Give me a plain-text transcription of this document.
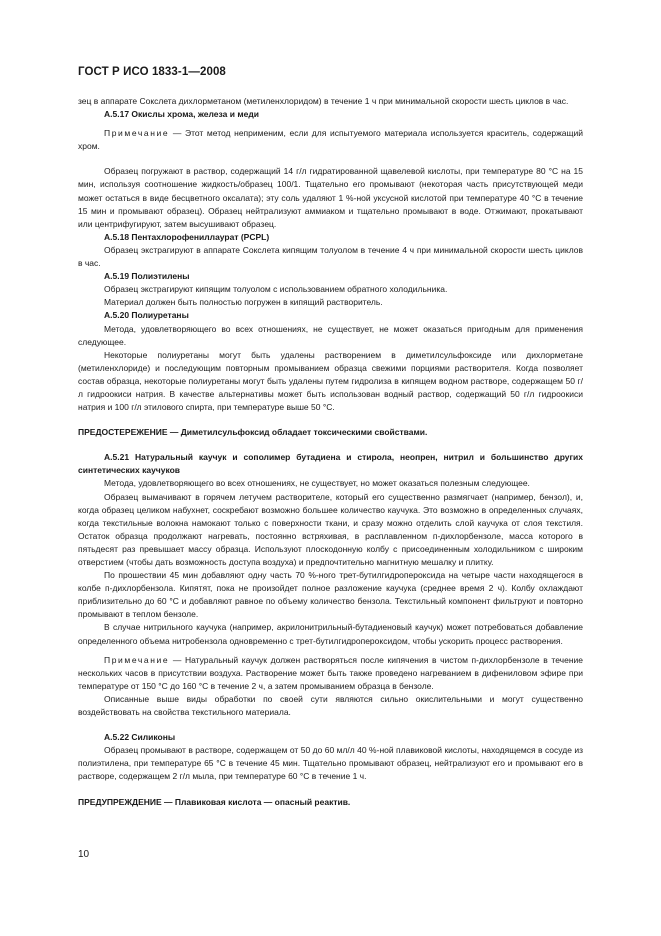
ГОСТ Р ИСО 1833-1—2008

зец в аппарате Сокслета дихлорметаном (метиленхлоридом) в течение 1 ч при минимальной скорости шесть циклов в час.

А.5.17 Окислы хрома, железа и меди

Примечание — Этот метод неприменим, если для испытуемого материала используется краситель, содержащий хром.

Образец погружают в раствор, содержащий 14 г/л гидратированной щавелевой кислоты, при температуре 80 °С на 15 мин, используя соотношение жидкость/образец 100/1. Тщательно его промывают (некоторая часть присутствующей меди может остаться в виде бесцветного оксалата); эту соль удаляют 1 %-ной уксусной кислотой при температуре 40 °С в течение 15 мин и промывают образец). Образец нейтрализуют аммиаком и тщательно промывают в воде. Отжимают, прокатывают или центрифугируют, затем высушивают образец.

А.5.18 Пентахлорофениллаурат (PCPL)

Образец экстрагируют в аппарате Сокслета кипящим толуолом в течение 4 ч при минимальной скорости шесть циклов в час.

А.5.19 Полиэтилены

Образец экстрагируют кипящим толуолом с использованием обратного холодильника.

Материал должен быть полностью погружен в кипящий растворитель.

А.5.20 Полиуретаны

Метода, удовлетворяющего во всех отношениях, не существует, не может оказаться пригодным для применения следующее.

Некоторые полиуретаны могут быть удалены растворением в диметилсульфоксиде или дихлорметане (метиленхлориде) и последующим повторным промыванием образца свежими порциями растворителя. Когда позволяет состав образца, некоторые полиуретаны могут быть удалены путем гидролиза в кипящем водном растворе, содержащем 50 г/л гидроокиси натрия. В качестве альтернативы может быть использован водный раствор, содержащий 50 г/л гидроокиси натрия и 100 г/л этилового спирта, при температуре выше 50 °С.

ПРЕДОСТЕРЕЖЕНИЕ — Диметилсульфоксид обладает токсическими свойствами.

А.5.21 Натуральный каучук и сополимер бутадиена и стирола, неопрен, нитрил и большинство других синтетических каучуков

Метода, удовлетворяющего во всех отношениях, не существует, но может оказаться полезным следующее.

Образец вымачивают в горячем летучем растворителе, который его существенно размягчает (например, бензол), и, когда образец целиком набухнет, соскребают возможно большее количество каучука. Это возможно в определенных случаях, когда текстильные волокна намокают только с поверхности ткани, и сразу можно отделить слой каучука от слоя текстиля. Остаток образца продолжают нагревать, постоянно встряхивая, в расплавленном п-дихлорбензоле, масса которого в пятьдесят раз превышает массу образца. Используют плоскодонную колбу с присоединенным холодильником с широким отверстием (чтобы дать возможность доступа воздуха) и предпочтительно магнитную мешалку и плитку.

По прошествии 45 мин добавляют одну часть 70 %-ного трет-бутилгидропероксида на четыре части находящегося в колбе п-дихлорбензола. Кипятят, пока не произойдет полное разложение каучука (среднее время 2 ч). Колбу охлаждают приблизительно до 60 °С и добавляют равное по объему количество бензола. Текстильный компонент фильтруют и повторно промывают в теплом бензоле.

В случае нитрильного каучука (например, акрилонитрильный-бутадиеновый каучук) может потребоваться добавление определенного объема нитробензола одновременно с трет-бутилгидропероксидом, чтобы ускорить процесс растворения.

Примечание — Натуральный каучук должен растворяться после кипячения в чистом п-дихлорбензоле в течение нескольких часов в присутствии воздуха. Растворение может быть также проведено нагреванием в дифениловом эфире при температуре от 150 °С до 160 °С в течение 2 ч, а затем промыванием образца в бензоле.

Описанные выше виды обработки по своей сути являются сильно окислительными и могут существенно воздействовать на свойства текстильного материала.

А.5.22 Силиконы

Образец промывают в растворе, содержащем от 50 до 60 мл/л 40 %-ной плавиковой кислоты, находящемся в сосуде из полиэтилена, при температуре 65 °С в течение 45 мин. Тщательно промывают образец, нейтрализуют его и промывают его в растворе, содержащем 2 г/л мыла, при температуре 60 °С в течение 1 ч.

ПРЕДУПРЕЖДЕНИЕ — Плавиковая кислота — опасный реактив.

10
